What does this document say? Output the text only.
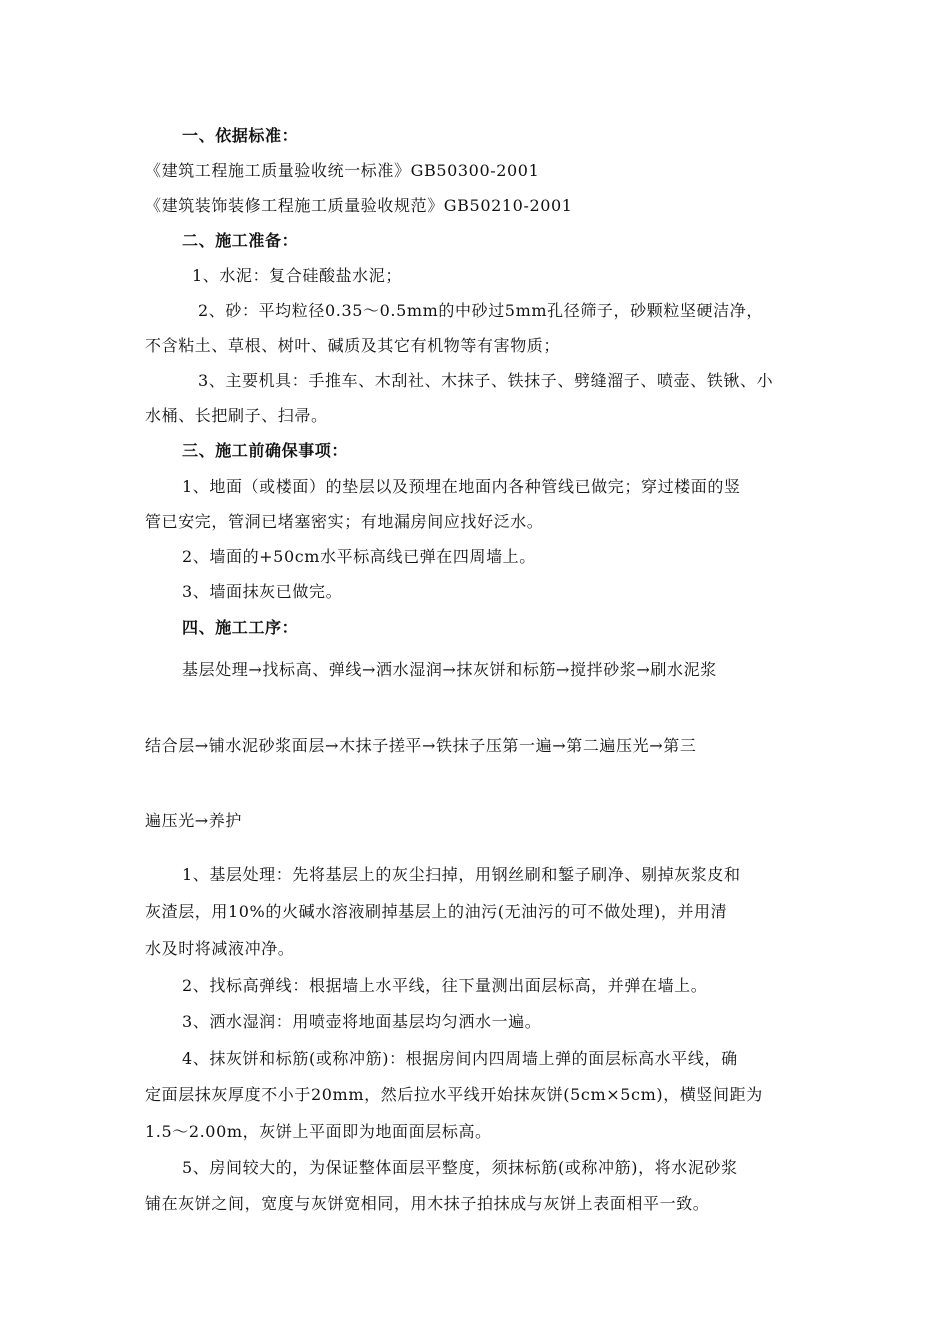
一、依据标准：
《建筑工程施工质量验收统一标准》GB50300-2001
《建筑装饰装修工程施工质量验收规范》GB50210-2001
二、施工准备：
1、水泥：复合硅酸盐水泥；
2、砂：平均粒径0.35～0.5mm的中砂过5mm孔径筛子，砂颗粒坚硬洁净，
不含粘土、草根、树叶、碱质及其它有机物等有害物质；
3、主要机具：手推车、木刮社、木抹子、铁抹子、劈缝溜子、喷壶、铁锹、小
水桶、长把刷子、扫帚。
三、施工前确保事项：
1、地面（或楼面）的垫层以及预埋在地面内各种管线已做完；穿过楼面的竖
管已安完，管洞已堵塞密实；有地漏房间应找好泛水。
2、墙面的+50cm水平标高线已弹在四周墙上。
3、墙面抹灰已做完。
四、施工工序：
基层处理→找标高、弹线→洒水湿润→抹灰饼和标筋→搅拌砂浆→刷水泥浆
结合层→铺水泥砂浆面层→木抹子搓平→铁抹子压第一遍→第二遍压光→第三
遍压光→养护
1、基层处理：先将基层上的灰尘扫掉，用钢丝刷和錾子刷净、剔掉灰浆皮和
灰渣层，用10%的火碱水溶液刷掉基层上的油污(无油污的可不做处理)，并用清
水及时将减液冲净。
2、找标高弹线：根据墙上水平线，往下量测出面层标高，并弹在墙上。
3、洒水湿润：用喷壶将地面基层均匀洒水一遍。
4、抹灰饼和标筋(或称冲筋)：根据房间内四周墙上弹的面层标高水平线，确
定面层抹灰厚度不小于20mm，然后拉水平线开始抹灰饼(5cm×5cm)，横竖间距为
1.5～2.00m，灰饼上平面即为地面面层标高。
5、房间较大的，为保证整体面层平整度，须抹标筋(或称冲筋)，将水泥砂浆
铺在灰饼之间，宽度与灰饼宽相同，用木抹子拍抹成与灰饼上表面相平一致。
